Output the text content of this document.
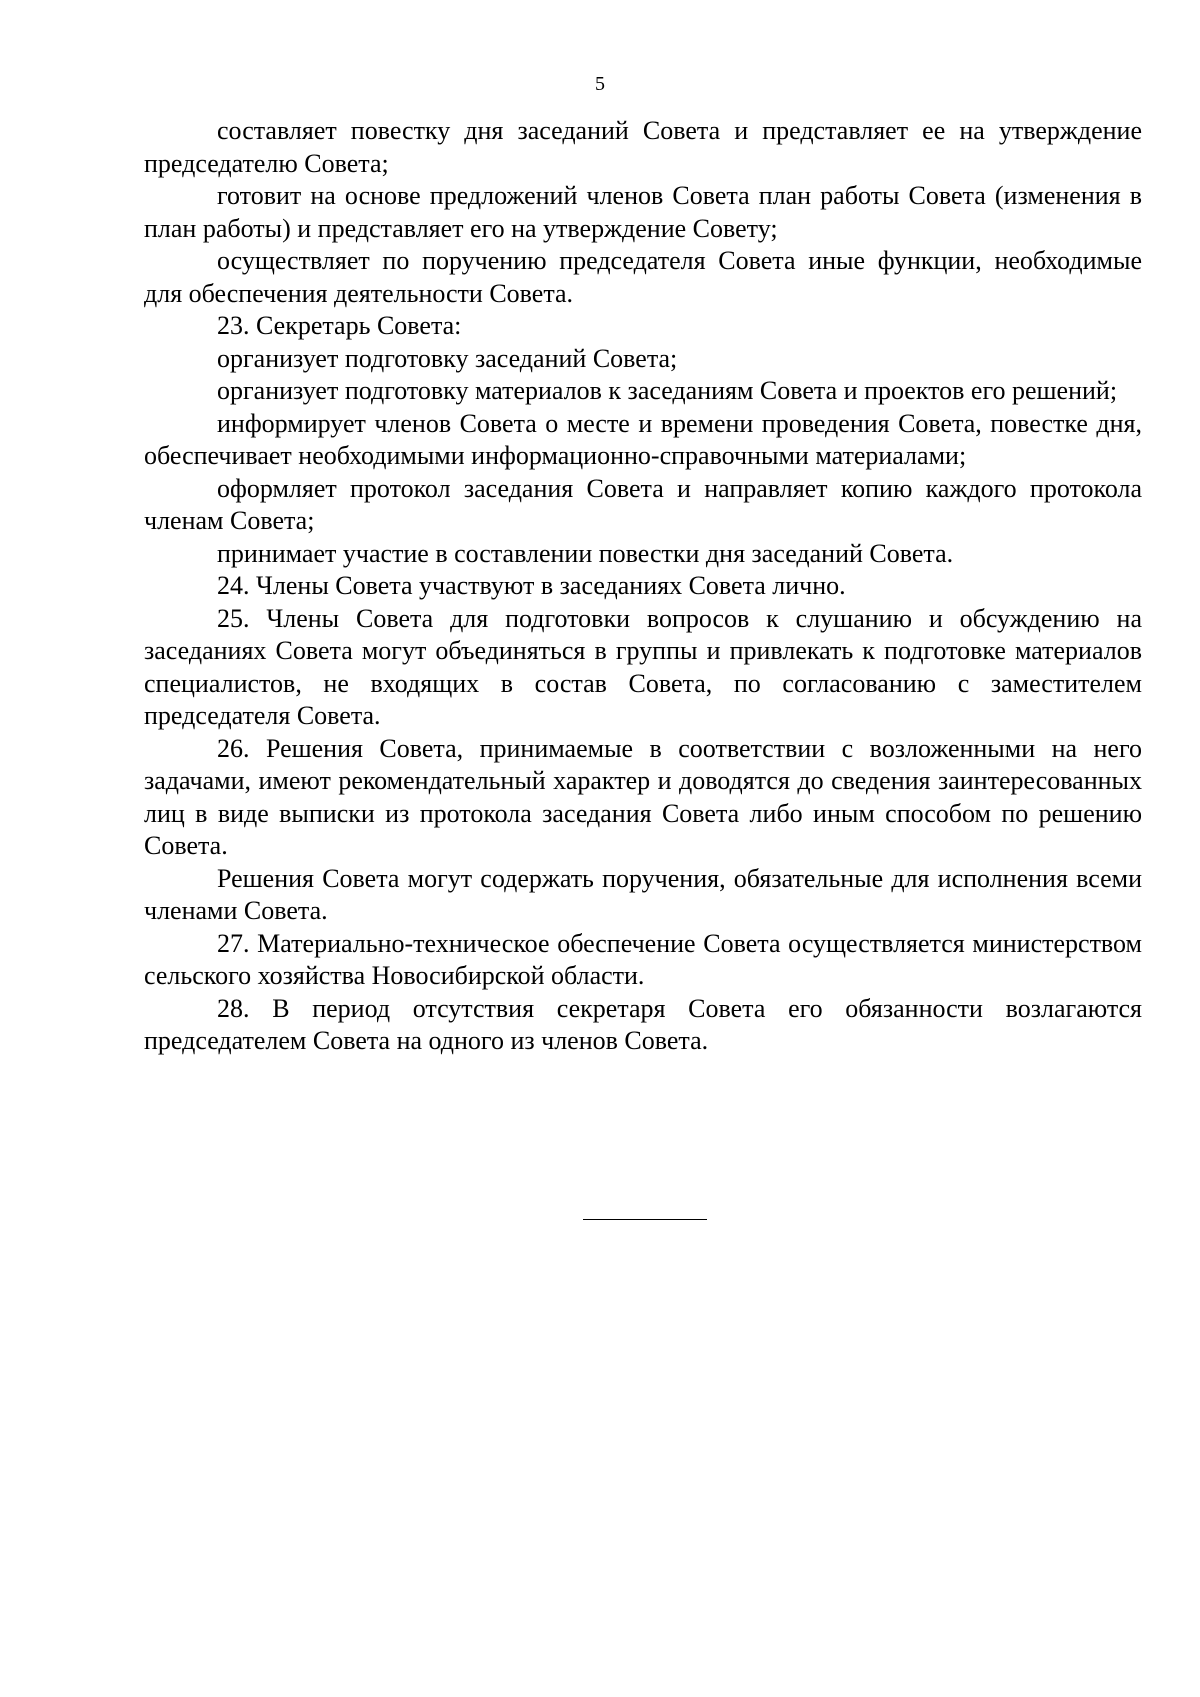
5

составляет повестку дня заседаний Совета и представляет ее на утверждение председателю Совета;

готовит на основе предложений членов Совета план работы Совета (изменения в план работы) и представляет его на утверждение Совету;

осуществляет по поручению председателя Совета иные функции, необходимые для обеспечения деятельности Совета.

23. Секретарь Совета:

организует подготовку заседаний Совета;

организует подготовку материалов к заседаниям Совета и проектов его решений;

информирует членов Совета о месте и времени проведения Совета, повестке дня, обеспечивает необходимыми информационно-справочными материалами;

оформляет протокол заседания Совета и направляет копию каждого протокола членам Совета;

принимает участие в составлении повестки дня заседаний Совета.

24. Члены Совета участвуют в заседаниях Совета лично.

25. Члены Совета для подготовки вопросов к слушанию и обсуждению на заседаниях Совета могут объединяться в группы и привлекать к подготовке материалов специалистов, не входящих в состав Совета, по согласованию с заместителем председателя Совета.

26. Решения Совета, принимаемые в соответствии с возложенными на него задачами, имеют рекомендательный характер и доводятся до сведения заинтересованных лиц в виде выписки из протокола заседания Совета либо иным способом по решению Совета.

Решения Совета могут содержать поручения, обязательные для исполнения всеми членами Совета.

27. Материально-техническое обеспечение Совета осуществляется министерством сельского хозяйства Новосибирской области.

28. В период отсутствия секретаря Совета его обязанности возлагаются председателем Совета на одного из членов Совета.
